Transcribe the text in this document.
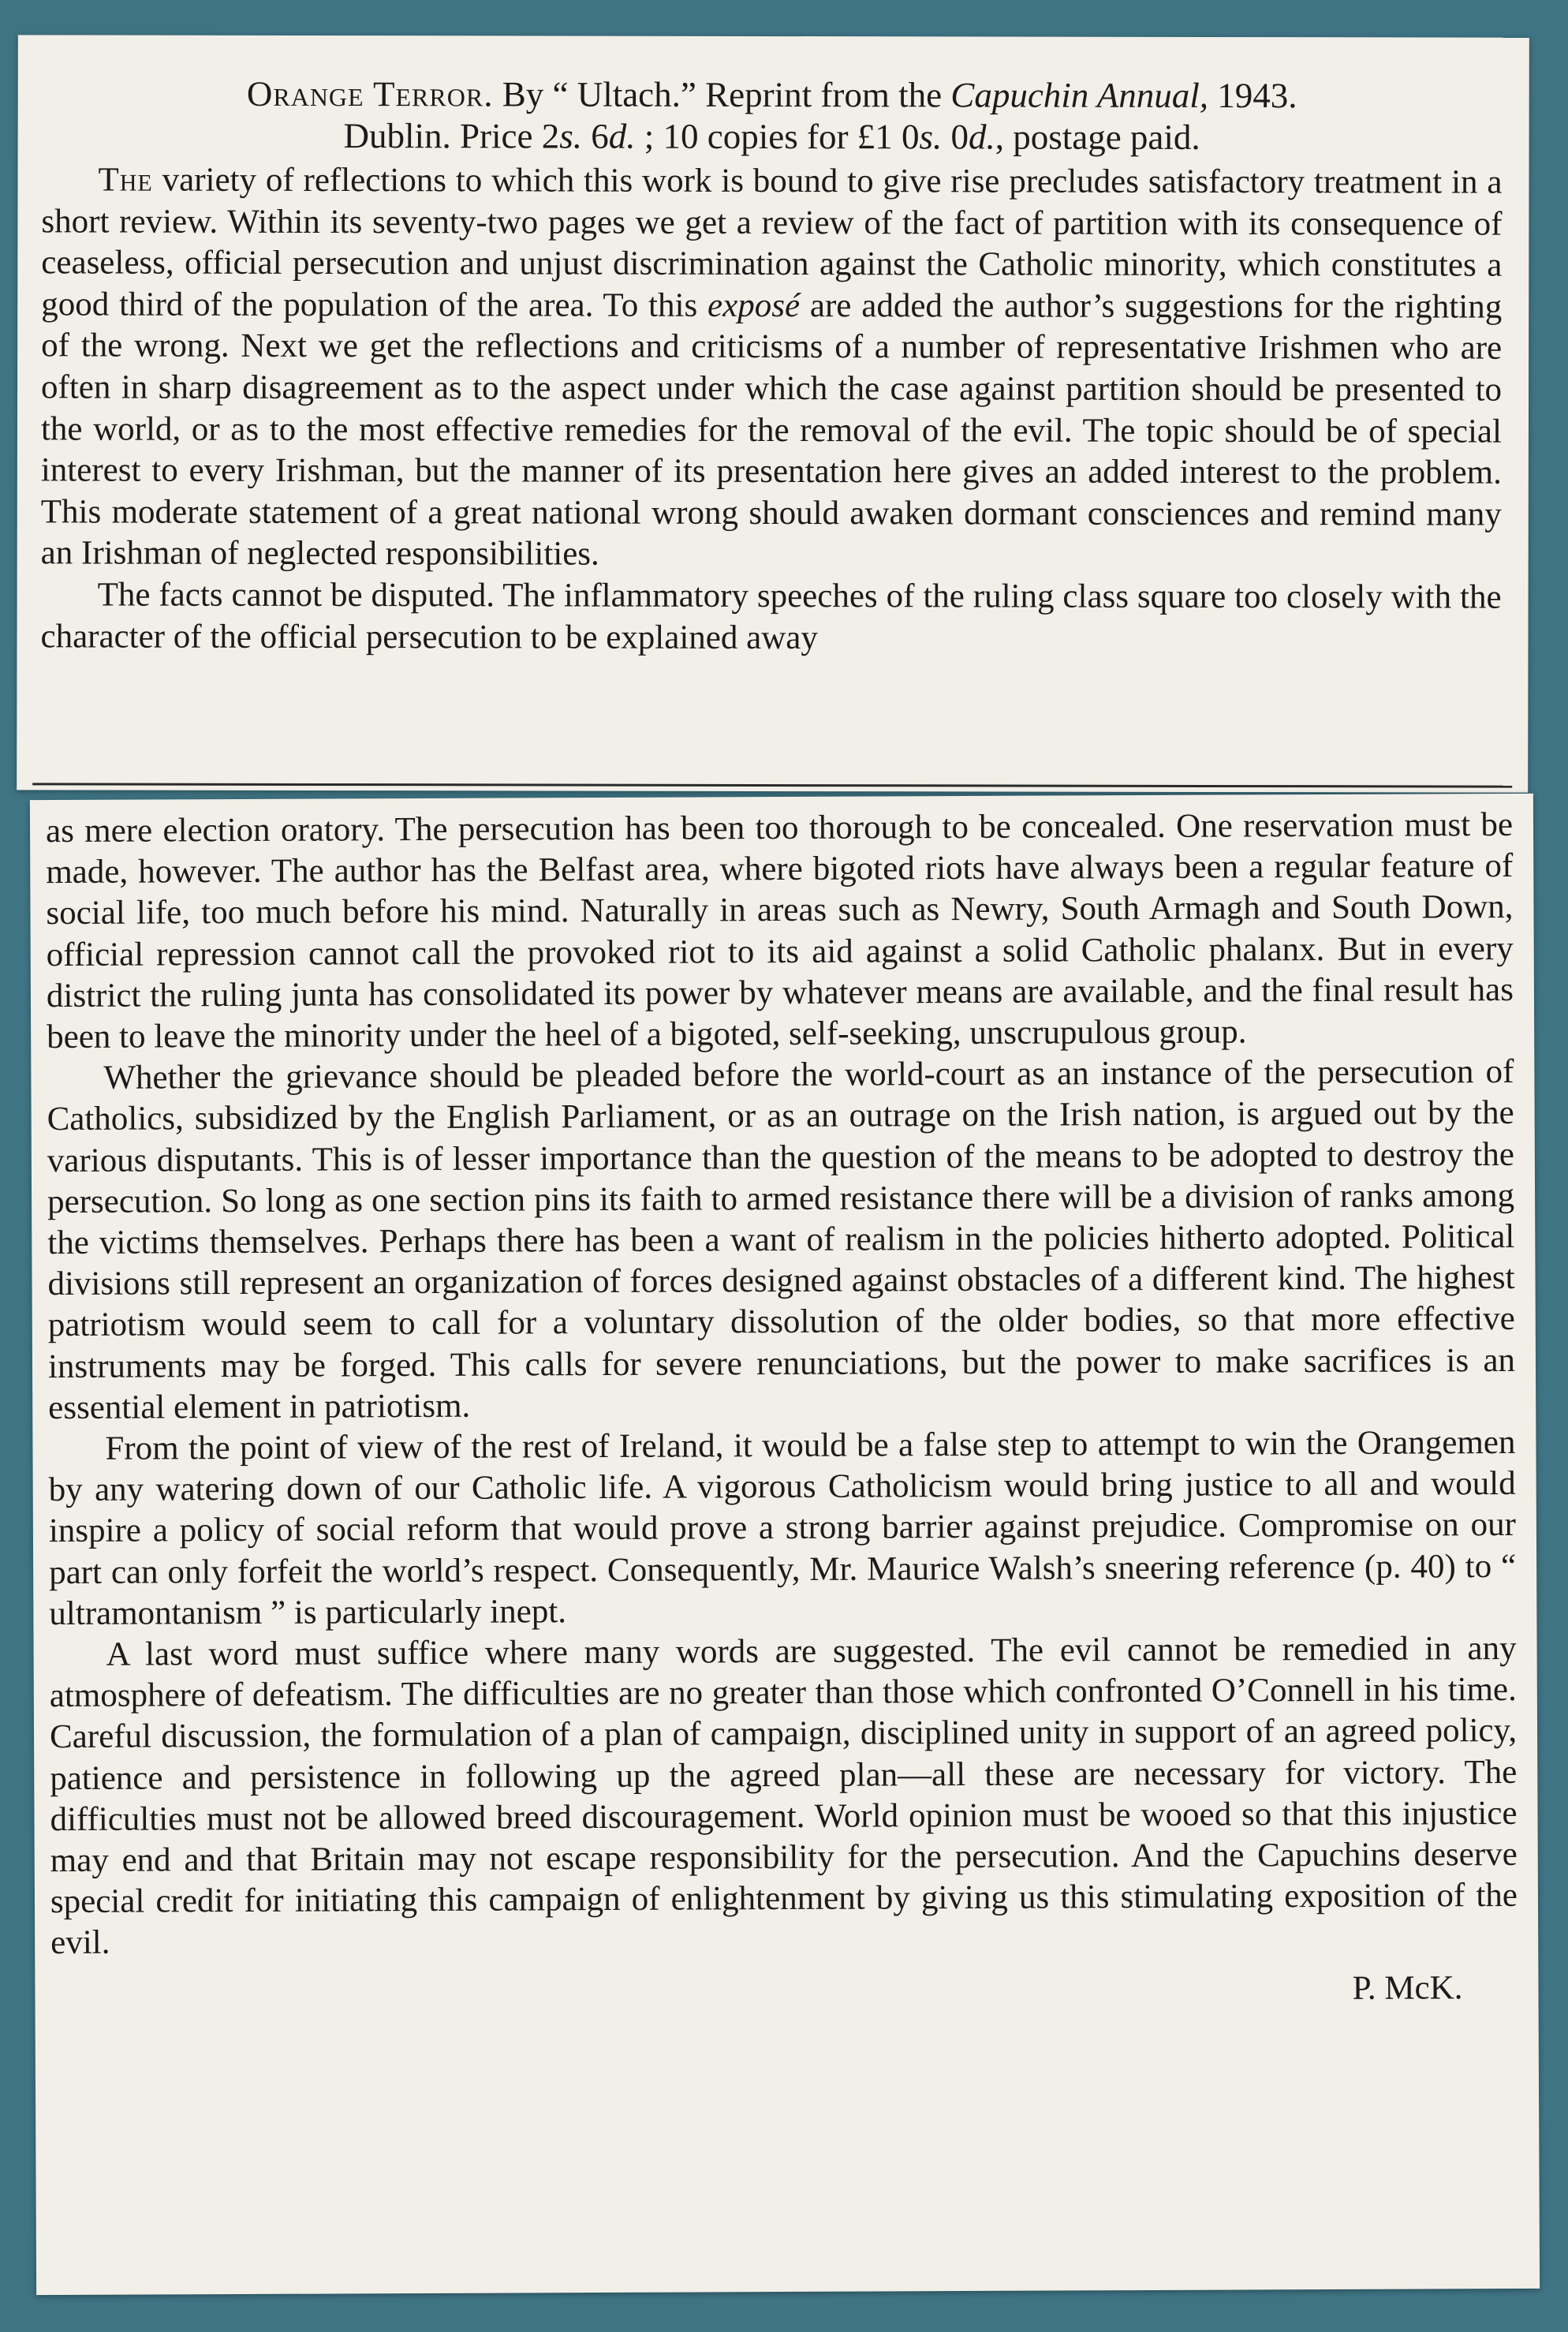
Orange Terror. By “ Ultach.” Reprint from the Capuchin Annual, 1943.
Dublin. Price 2s. 6d. ; 10 copies for £1 0s. 0d., postage paid.

The variety of reflections to which this work is bound to give rise precludes satisfactory treatment in a short review. Within its seventy-two pages we get a review of the fact of partition with its consequence of ceaseless, official persecution and unjust discrimination against the Catholic minority, which constitutes a good third of the population of the area. To this exposé are added the author’s suggestions for the righting of the wrong. Next we get the reflections and criticisms of a number of representative Irishmen who are often in sharp disagreement as to the aspect under which the case against partition should be presented to the world, or as to the most effective remedies for the removal of the evil. The topic should be of special interest to every Irishman, but the manner of its presentation here gives an added interest to the problem. This moderate statement of a great national wrong should awaken dormant consciences and remind many an Irishman of neglected responsibilities.

The facts cannot be disputed. The inflammatory speeches of the ruling class square too closely with the character of the official persecution to be explained away

as mere election oratory. The persecution has been too thorough to be concealed. One reservation must be made, however. The author has the Belfast area, where bigoted riots have always been a regular feature of social life, too much before his mind. Naturally in areas such as Newry, South Armagh and South Down, official repression cannot call the provoked riot to its aid against a solid Catholic phalanx. But in every district the ruling junta has consolidated its power by whatever means are available, and the final result has been to leave the minority under the heel of a bigoted, self-seeking, unscrupulous group.

Whether the grievance should be pleaded before the world-court as an instance of the persecution of Catholics, subsidized by the English Parliament, or as an outrage on the Irish nation, is argued out by the various disputants. This is of lesser importance than the question of the means to be adopted to destroy the persecution. So long as one section pins its faith to armed resistance there will be a division of ranks among the victims themselves. Perhaps there has been a want of realism in the policies hitherto adopted. Political divisions still represent an organization of forces designed against obstacles of a different kind. The highest patriotism would seem to call for a voluntary dissolution of the older bodies, so that more effective instruments may be forged. This calls for severe renunciations, but the power to make sacrifices is an essential element in patriotism.

From the point of view of the rest of Ireland, it would be a false step to attempt to win the Orangemen by any watering down of our Catholic life. A vigorous Catholicism would bring justice to all and would inspire a policy of social reform that would prove a strong barrier against prejudice. Compromise on our part can only forfeit the world’s respect. Consequently, Mr. Maurice Walsh’s sneering reference (p. 40) to “ ultramontanism ” is particularly inept.

A last word must suffice where many words are suggested. The evil cannot be remedied in any atmosphere of defeatism. The difficulties are no greater than those which confronted O’Connell in his time. Careful discussion, the formulation of a plan of campaign, disciplined unity in support of an agreed policy, patience and persistence in following up the agreed plan—all these are necessary for victory. The difficulties must not be allowed breed discouragement. World opinion must be wooed so that this injustice may end and that Britain may not escape responsibility for the persecution. And the Capuchins deserve special credit for initiating this campaign of enlightenment by giving us this stimulating exposition of the evil.

P. McK.
